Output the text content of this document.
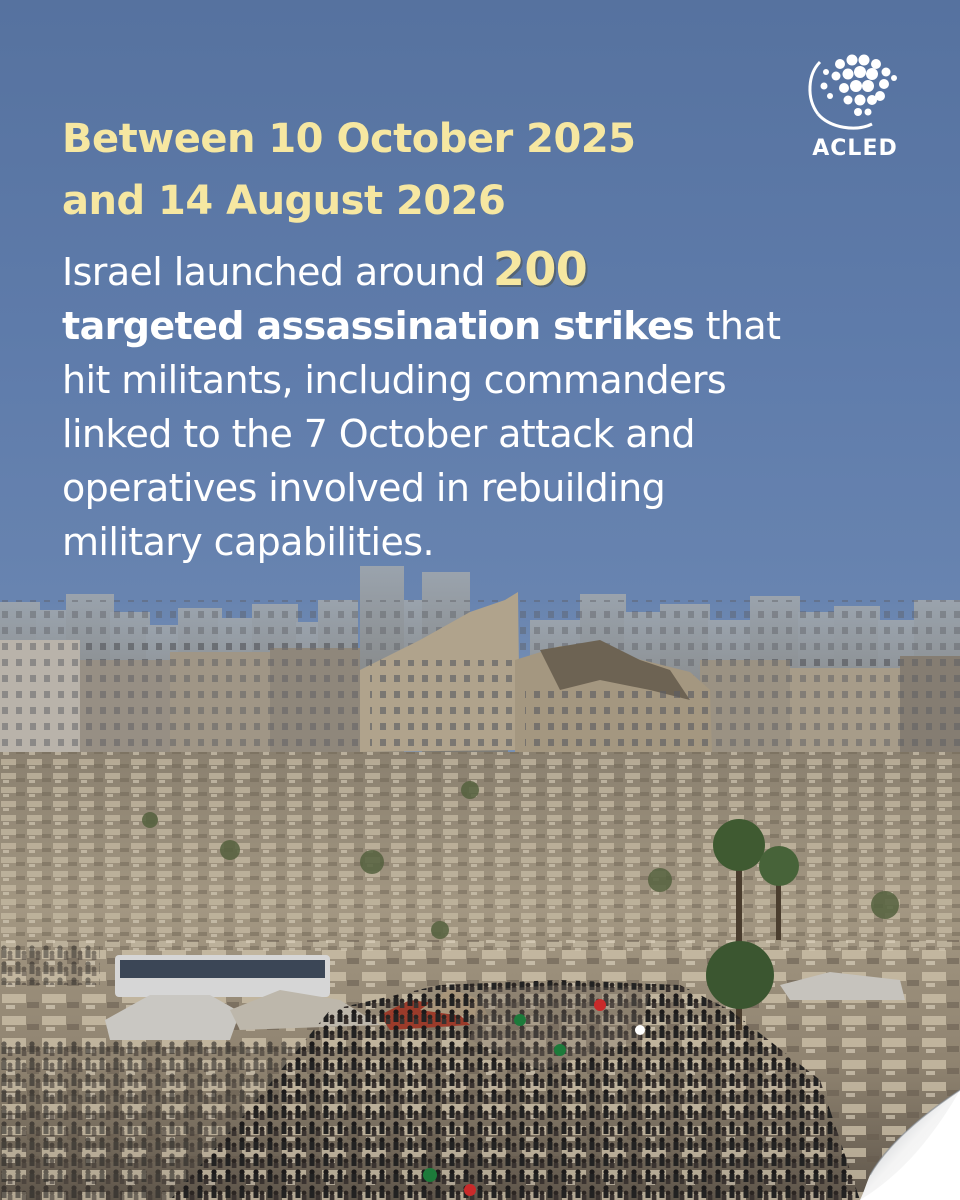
Between 10 October 2025
and 14 August 2026

Israel launched around 200
targeted assassination strikes that
hit militants, including commanders
linked to the 7 October attack and
operatives involved in rebuilding
military capabilities.

ACLED
